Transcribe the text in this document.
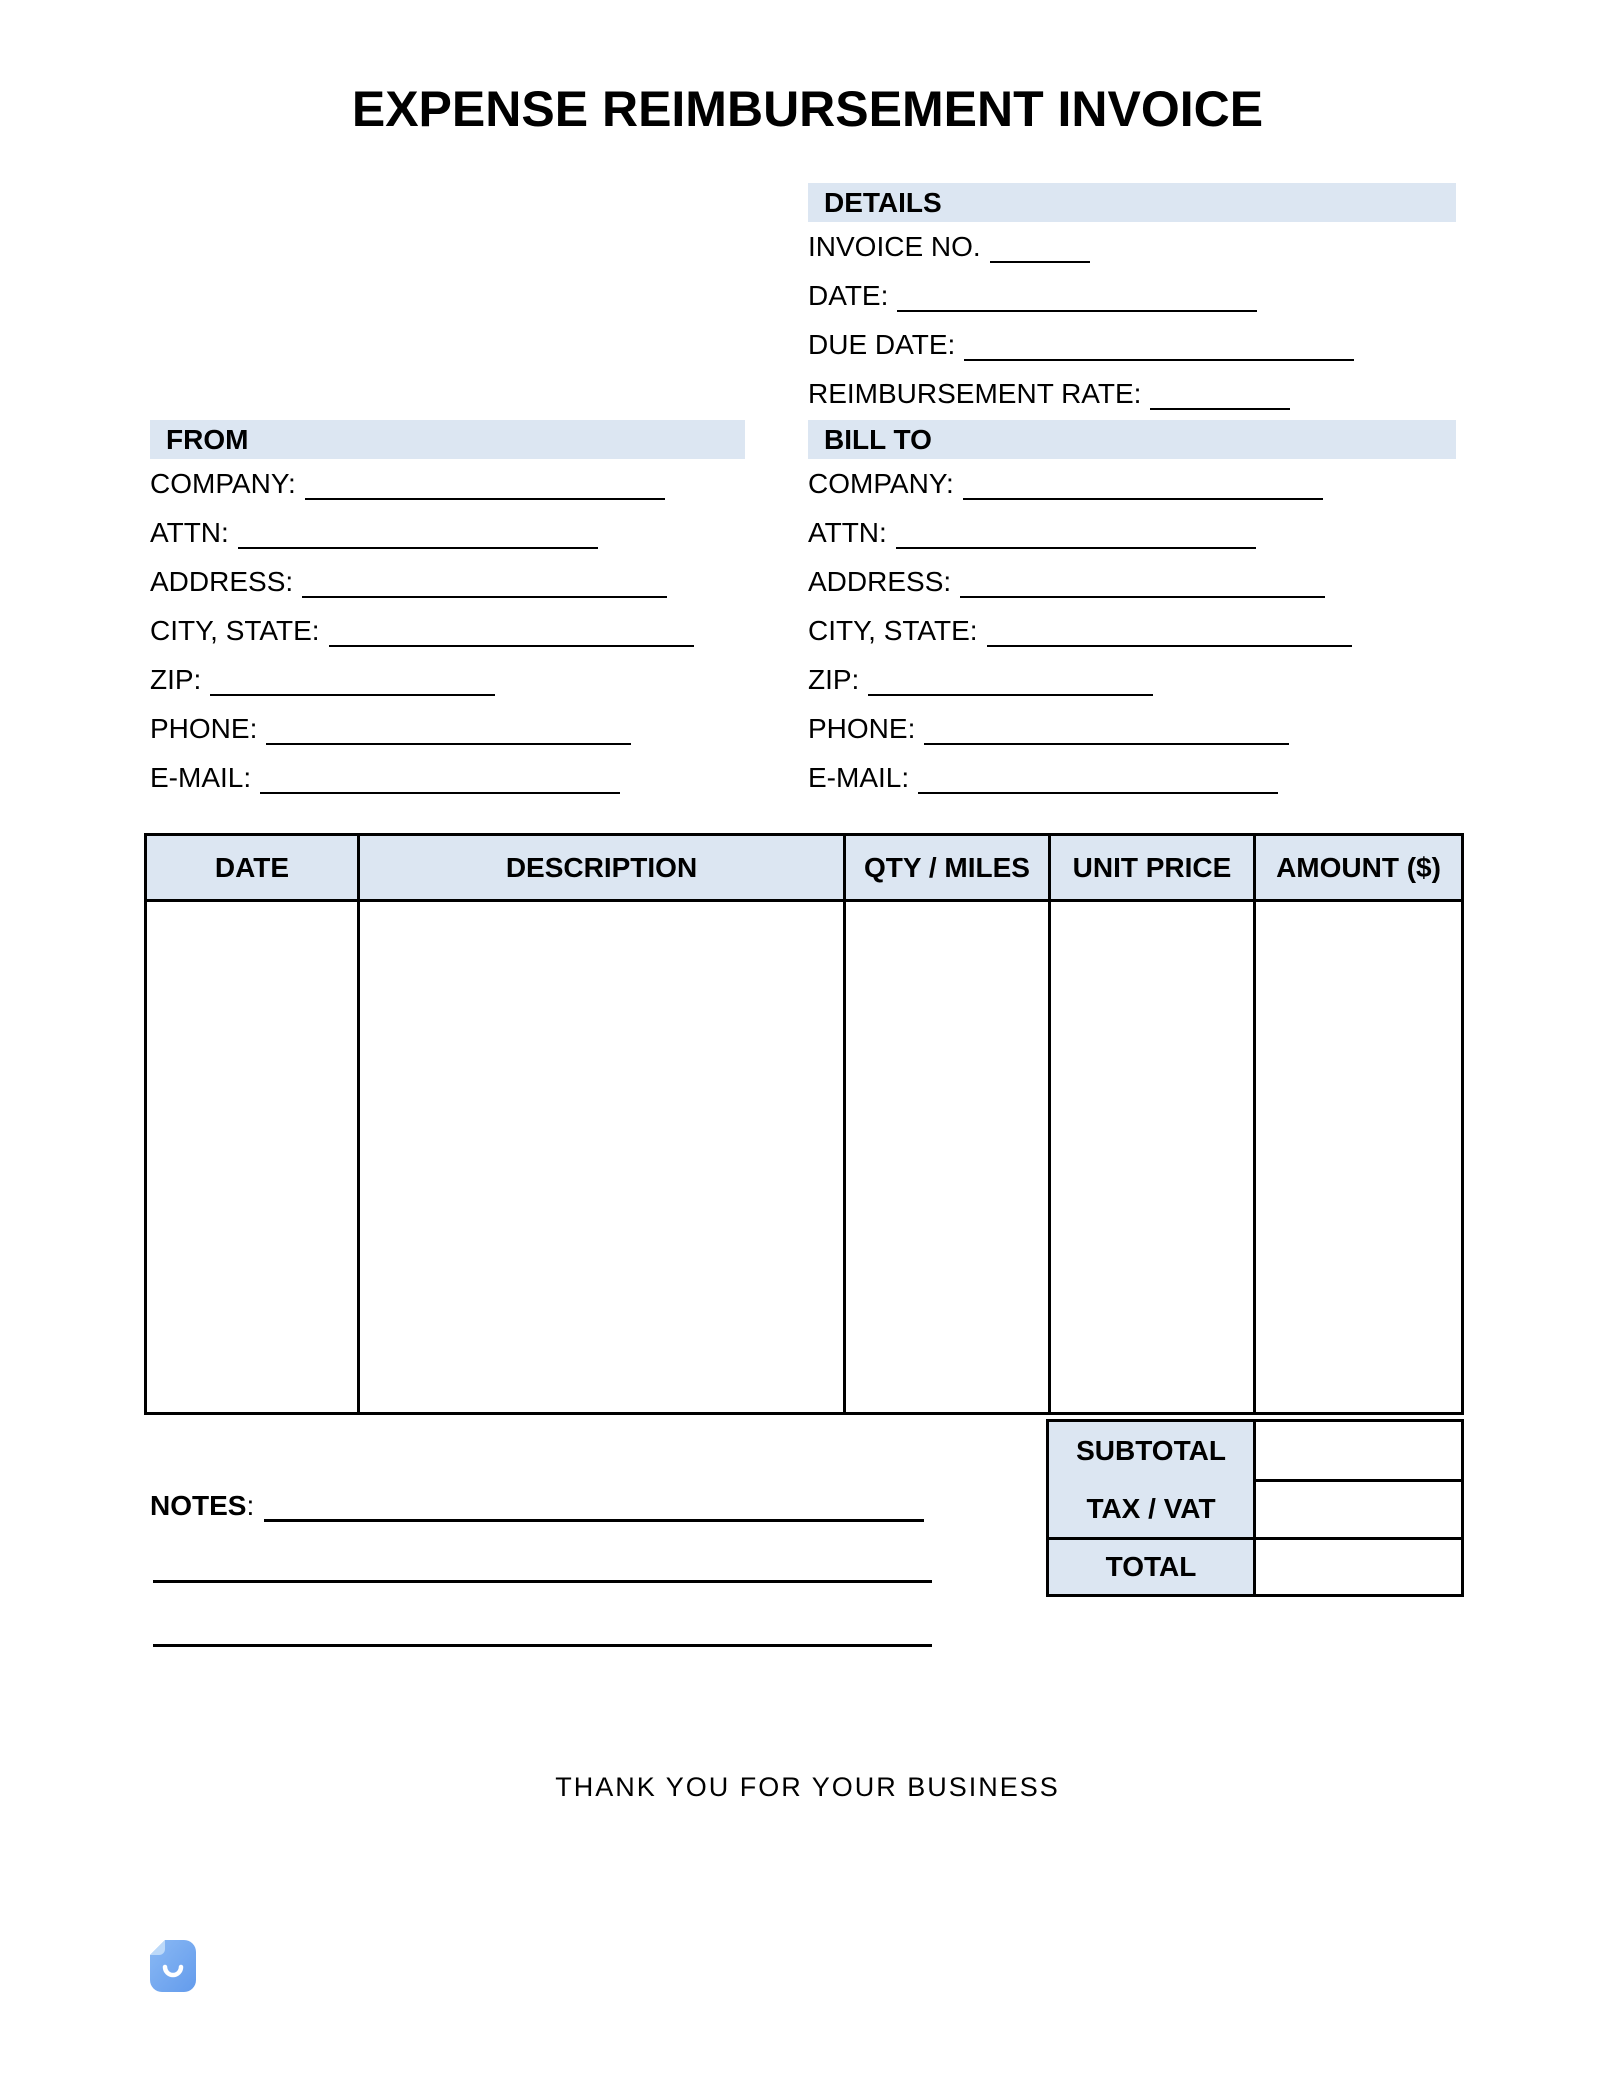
EXPENSE REIMBURSEMENT INVOICE
DETAILS
INVOICE NO.
DATE:
DUE DATE:
REIMBURSEMENT RATE:
FROM
COMPANY:
ATTN:
ADDRESS:
CITY, STATE:
ZIP:
PHONE:
E-MAIL:
BILL TO
COMPANY:
ATTN:
ADDRESS:
CITY, STATE:
ZIP:
PHONE:
E-MAIL:
DATE	DESCRIPTION	QTY / MILES	UNIT PRICE	AMOUNT ($)

SUBTOTAL	
TAX / VAT	
TOTAL	
NOTES:
THANK YOU FOR YOUR BUSINESS
